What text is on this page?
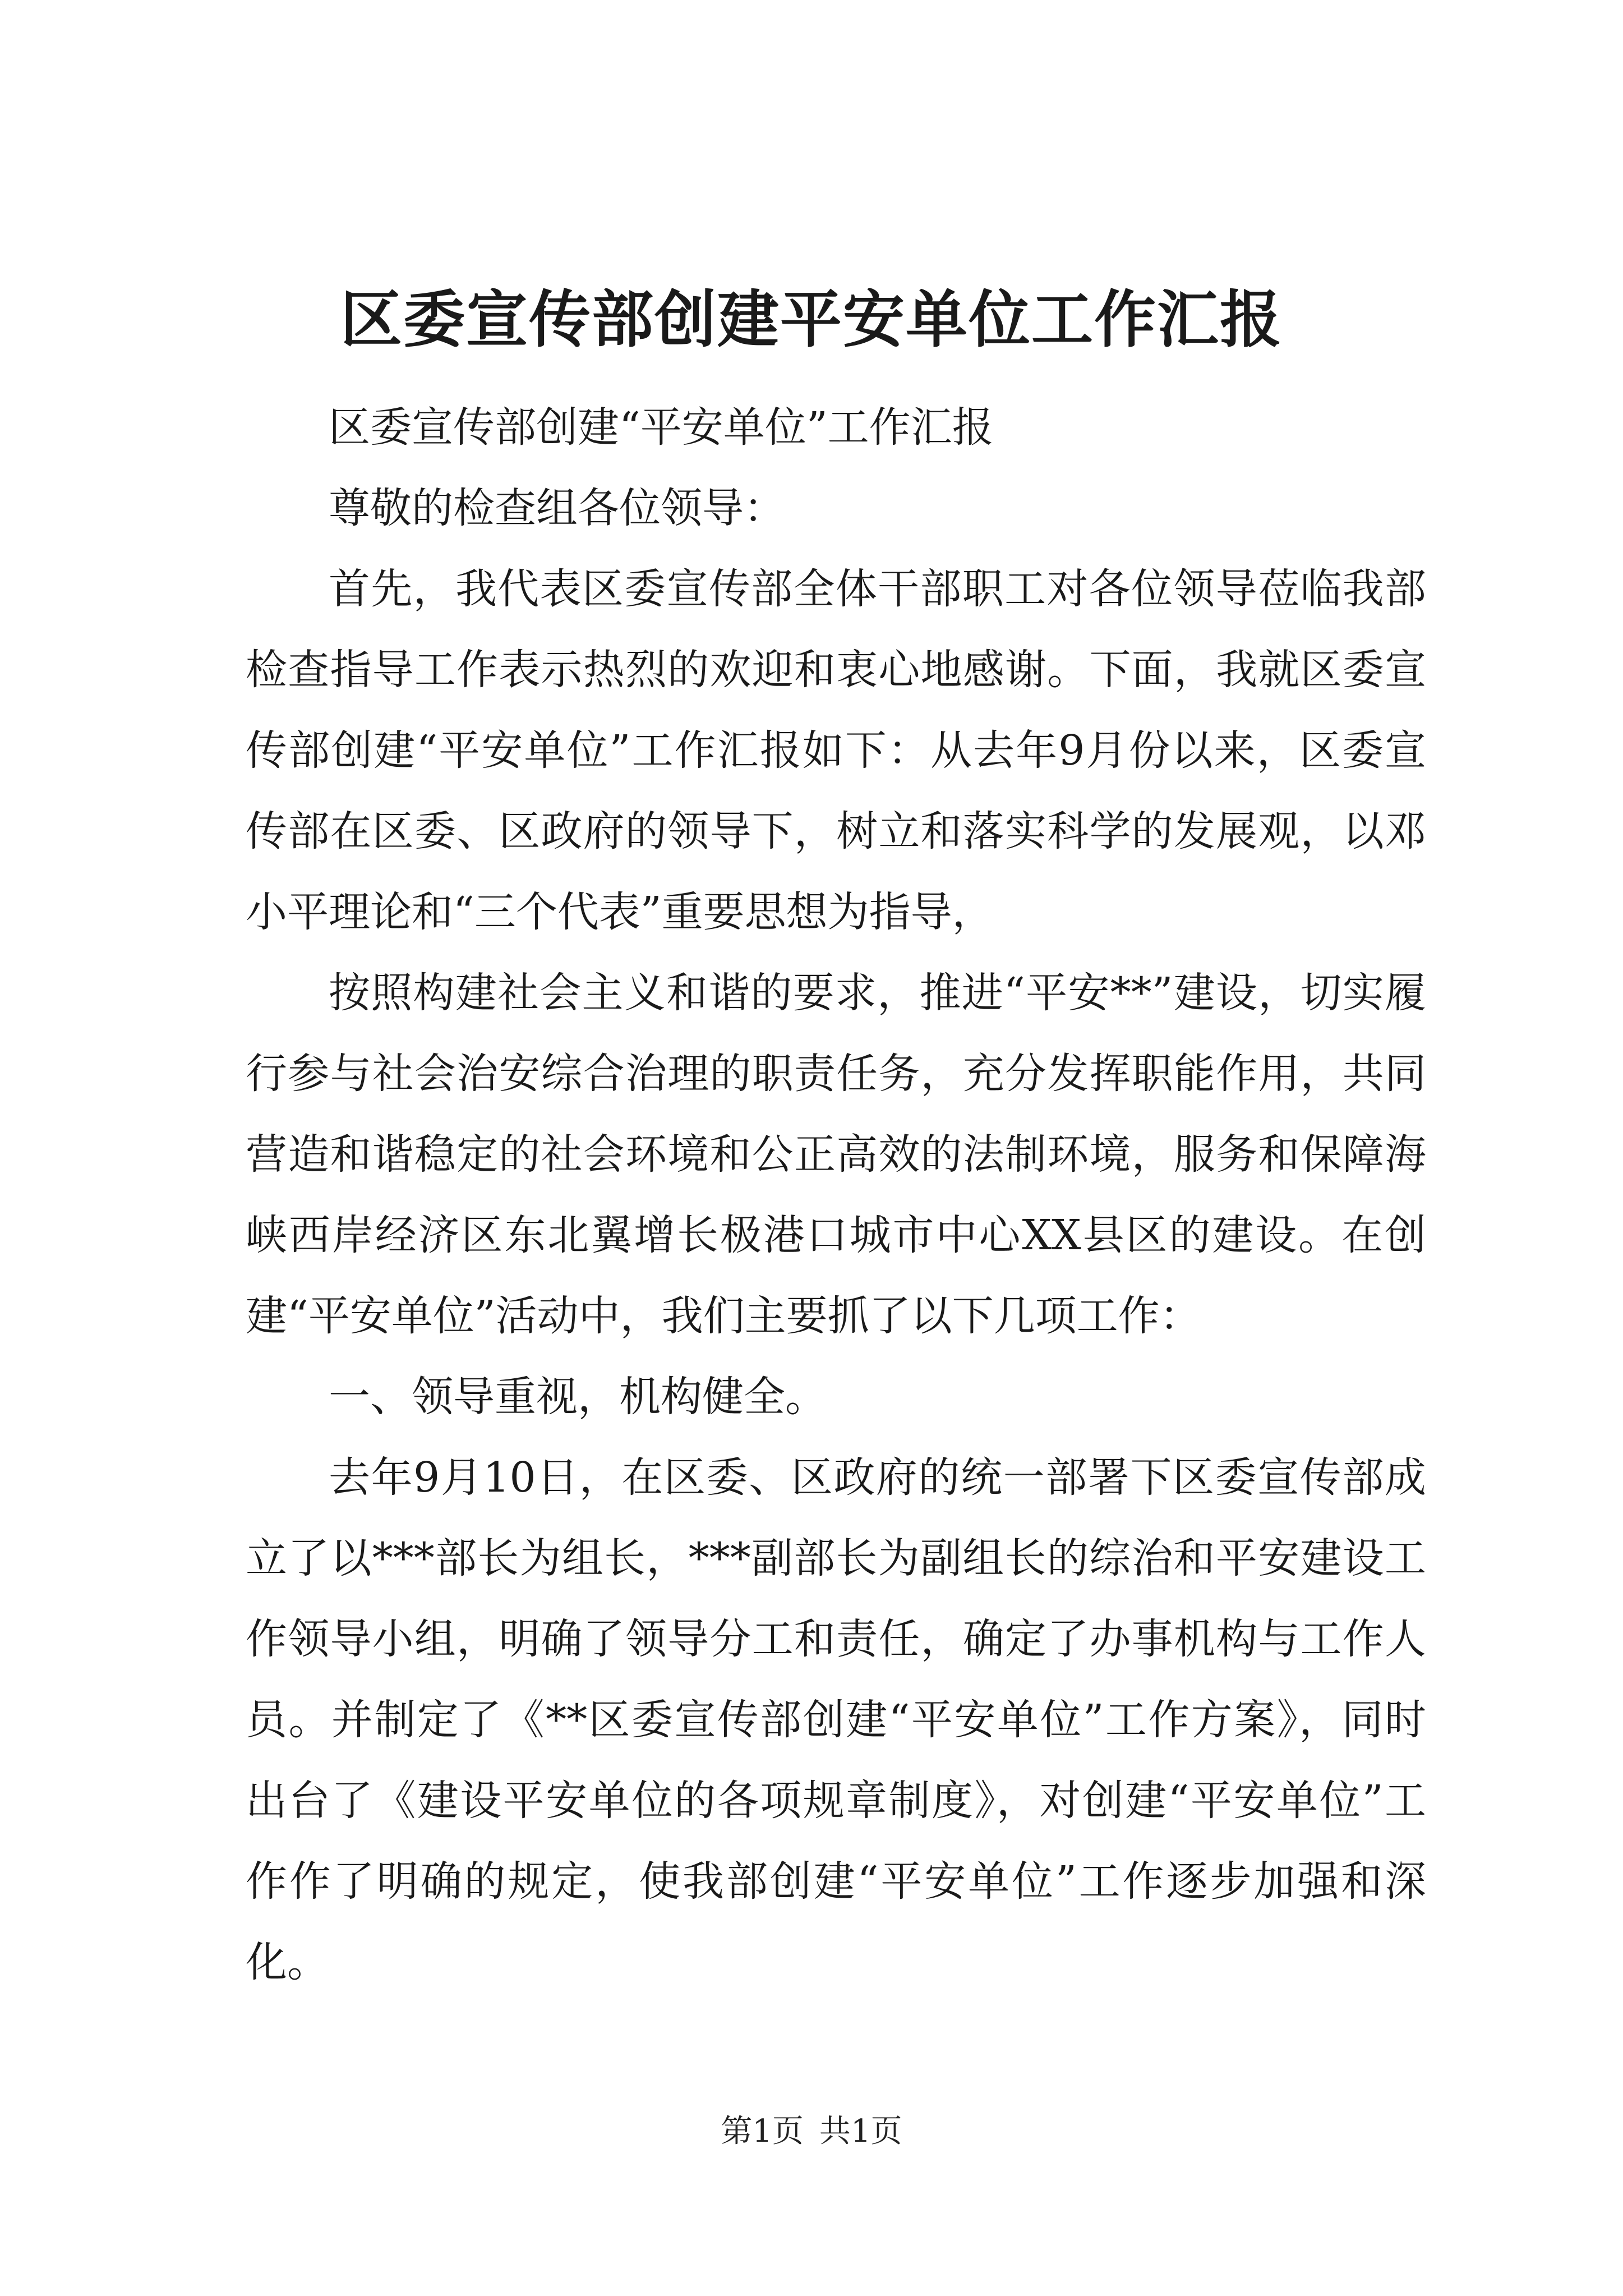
区委宣传部创建平安单位工作汇报

区委宣传部创建“平安单位”工作汇报

尊敬的检查组各位领导：

首先，我代表区委宣传部全体干部职工对各位领导莅临我部检查指导工作表示热烈的欢迎和衷心地感谢。下面，我就区委宣传部创建“平安单位”工作汇报如下：从去年9月份以来，区委宣传部在区委、区政府的领导下，树立和落实科学的发展观，以邓小平理论和“三个代表”重要思想为指导，

按照构建社会主义和谐的要求，推进“平安**”建设，切实履行参与社会治安综合治理的职责任务，充分发挥职能作用，共同营造和谐稳定的社会环境和公正高效的法制环境，服务和保障海峡西岸经济区东北翼增长极港口城市中心XX县区的建设。在创建“平安单位”活动中，我们主要抓了以下几项工作：

一、领导重视，机构健全。

去年9月10日，在区委、区政府的统一部署下区委宣传部成立了以***部长为组长，***副部长为副组长的综治和平安建设工作领导小组，明确了领导分工和责任，确定了办事机构与工作人员。并制定了《**区委宣传部创建“平安单位”工作方案》，同时出台了《建设平安单位的各项规章制度》，对创建“平安单位”工作作了明确的规定，使我部创建“平安单位”工作逐步加强和深化。

第1页 共1页
